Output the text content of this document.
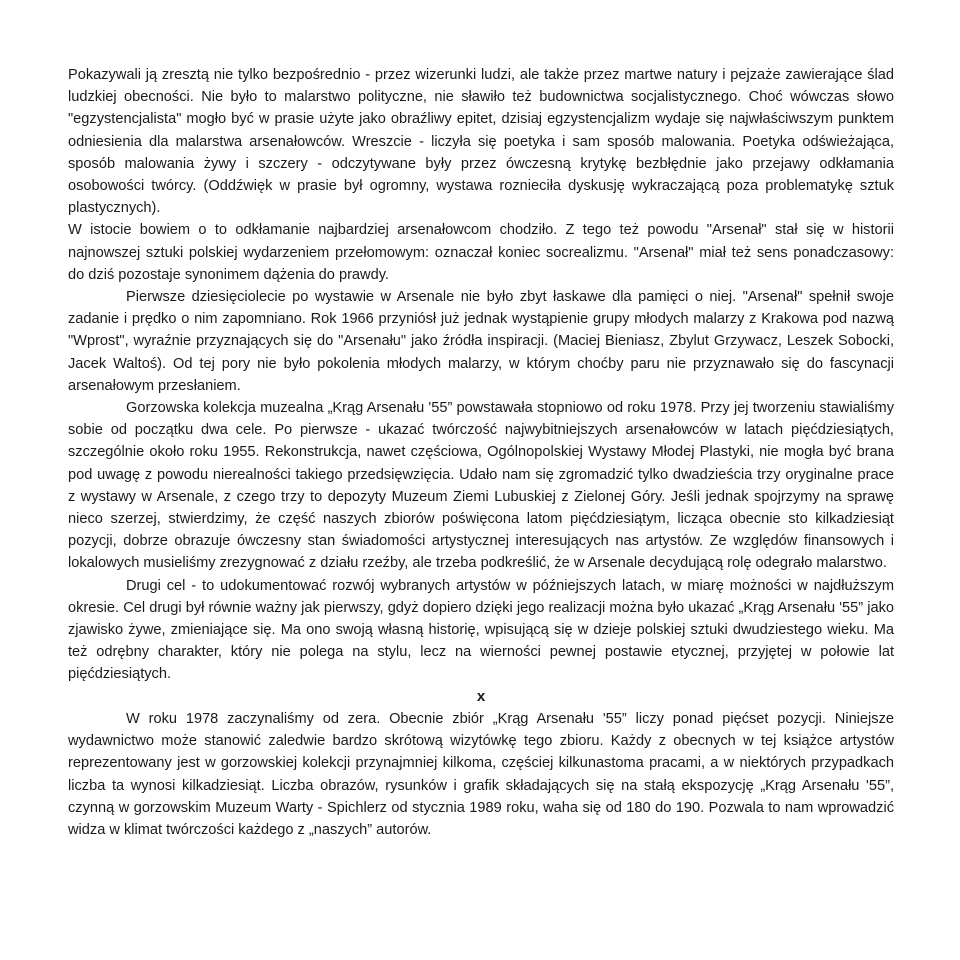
Pokazywali ją zresztą nie tylko bezpośrednio - przez wizerunki ludzi, ale także przez martwe natury i pejzaże zawierające ślad ludzkiej obecności. Nie było to malarstwo polityczne, nie sławiło też budownictwa socjalistycznego. Choć wówczas słowo "egzystencjalista" mogło być w prasie użyte jako obraźliwy epitet, dzisiaj egzystencjalizm wydaje się najwłaściwszym punktem odniesienia dla malarstwa arsenałowców. Wreszcie - liczyła się poetyka i sam sposób malowania. Poetyka odświeżająca, sposób malowania żywy i szczery - odczytywane były przez ówczesną krytykę bezbłędnie jako przejawy odkłamania osobowości twórcy. (Oddźwięk w prasie był ogromny, wystawa roznieciła dyskusję wykraczającą poza problematykę sztuk plastycznych).

W istocie bowiem o to odkłamanie najbardziej arsenałowcom chodziło. Z tego też powodu "Arsenał" stał się w historii najnowszej sztuki polskiej wydarzeniem przełomowym: oznaczał koniec socrealizmu. "Arsenał" miał też sens ponadczasowy: do dziś pozostaje synonimem dążenia do prawdy.

Pierwsze dziesięciolecie po wystawie w Arsenale nie było zbyt łaskawe dla pamięci o niej. "Arsenał" spełnił swoje zadanie i prędko o nim zapomniano. Rok 1966 przyniósł już jednak wystąpienie grupy młodych malarzy z Krakowa pod nazwą "Wprost", wyraźnie przyznających się do "Arsenału" jako źródła inspiracji. (Maciej Bieniasz, Zbylut Grzywacz, Leszek Sobocki, Jacek Waltoś). Od tej pory nie było pokolenia młodych malarzy, w którym choćby paru nie przyznawało się do fascynacji arsenałowym przesłaniem.

Gorzowska kolekcja muzealna „Krąg Arsenału '55” powstawała stopniowo od roku 1978. Przy jej tworzeniu stawialiśmy sobie od początku dwa cele. Po pierwsze - ukazać twórczość najwybitniejszych arsenałowców w latach pięćdziesiątych, szczególnie około roku 1955. Rekonstrukcja, nawet częściowa, Ogólnopolskiej Wystawy Młodej Plastyki, nie mogła być brana pod uwagę z powodu nierealności takiego przedsięwzięcia. Udało nam się zgromadzić tylko dwadzieścia trzy oryginalne prace z wystawy w Arsenale, z czego trzy to depozyty Muzeum Ziemi Lubuskiej z Zielonej Góry. Jeśli jednak spojrzymy na sprawę nieco szerzej, stwierdzimy, że część naszych zbiorów poświęcona latom pięćdziesiątym, licząca obecnie sto kilkadziesiąt pozycji, dobrze obrazuje ówczesny stan świadomości artystycznej interesujących nas artystów. Ze względów finansowych i lokalowych musieliśmy zrezygnować z działu rzeźby, ale trzeba podkreślić, że w Arsenale decydującą rolę odegrało malarstwo.

Drugi cel - to udokumentować rozwój wybranych artystów w późniejszych latach, w miarę możności w najdłuższym okresie. Cel drugi był równie ważny jak pierwszy, gdyż dopiero dzięki jego realizacji można było ukazać „Krąg Arsenału '55” jako zjawisko żywe, zmieniające się. Ma ono swoją własną historię, wpisującą się w dzieje polskiej sztuki dwudziestego wieku. Ma też odrębny charakter, który nie polega na stylu, lecz na wierności pewnej postawie etycznej, przyjętej w połowie lat pięćdziesiątych.

x

W roku 1978 zaczynaliśmy od zera. Obecnie zbiór „Krąg Arsenału '55” liczy ponad pięćset pozycji. Niniejsze wydawnictwo może stanowić zaledwie bardzo skrótową wizytówkę tego zbioru. Każdy z obecnych w tej książce artystów reprezentowany jest w gorzowskiej kolekcji przynajmniej kilkoma, częściej kilkunastoma pracami, a w niektórych przypadkach liczba ta wynosi kilkadziesiąt. Liczba obrazów, rysunków i grafik składających się na stałą ekspozycję „Krąg Arsenału '55”, czynną w gorzowskim Muzeum Warty - Spichlerz od stycznia 1989 roku, waha się od 180 do 190. Pozwala to nam wprowadzić widza w klimat twórczości każdego z „naszych” autorów.
